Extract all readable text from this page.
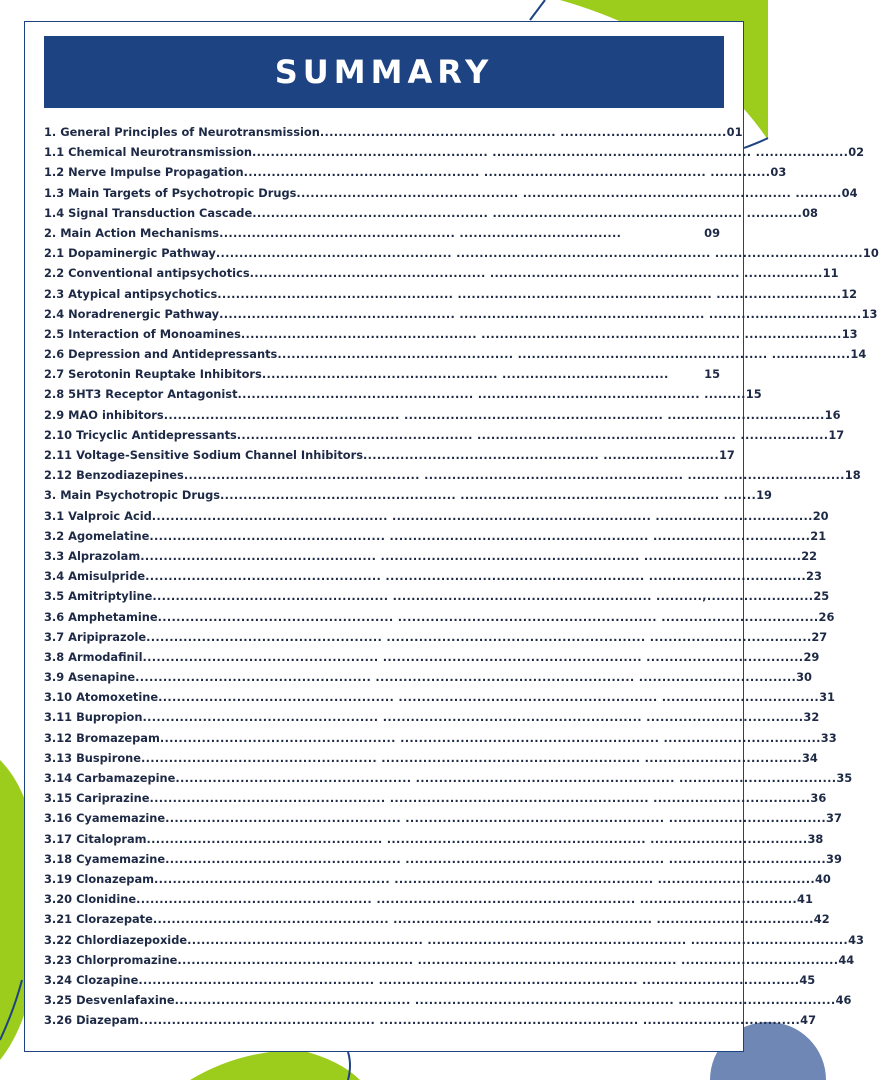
SUMMARY
1. General Principles of Neurotransmission ................................................... .................................... 01
1.1 Chemical Neurotransmission ................................................... ........................................................ .................... 02
1.2 Nerve Impulse Propagation ................................................... ................................................ ............. 03
1.3 Main Targets of Psychotropic Drugs ................................................ .......................................................... .......... 04
1.4 Signal Transduction Cascade ................................................... ...................................................... ............ 08
2. Main Action Mechanisms ................................................... ...................................	09
2.1 Dopaminergic Pathway ................................................... ....................................................... ................................ 10
2.2 Conventional antipsychotics ................................................... ...................................................... ................. 11
2.3 Atypical antipsychotics ................................................... ....................................................... ........................... 12
2.4 Noradrenergic Pathway ................................................... ..................................................... ................................. 13
2.5 Interaction of Monoamines ................................................... ........................................................ ..................... 13
2.6 Depression and Antidepressants ................................................... ...................................................... ................. 14
2.7 Serotonin Reuptake Inhibitors ................................................... ....................................	15
2.8 5HT3 Receptor Antagonist ................................................... ................................................ ......... 15
2.9 MAO inhibitors ................................................... ........................................................ .................................. 16
2.10 Tricyclic Antidepressants ................................................... ........................................................ ................... 17
2.11 Voltage-Sensitive Sodium Channel Inhibitors ................................................... ......................... 17
2.12 Benzodiazepines ................................................... ........................................................ .................................. 18
3. Main Psychotropic Drugs ................................................... ........................................................ ....... 19
3.1 Valproic Acid ................................................... ........................................................ .................................. 20
3.2 Agomelatine ................................................... ........................................................ .................................. 21
3.3 Alprazolam ................................................... ........................................................ .................................. 22
3.4 Amisulpride ................................................... ........................................................ .................................. 23
3.5 Amitriptyline ................................................... ........................................................ ..........,....................... 25
3.6 Amphetamine ................................................... ........................................................ .................................. 26
3.7 Aripiprazole ................................................... ........................................................ .................................. .27
3.8 Armodafinil ................................................... ........................................................ .................................. 29
3.9 Asenapine ................................................... ........................................................ .................................. 30
3.10 Atomoxetine ................................................... ........................................................ .................................. 31
3.11 Bupropion ................................................... ........................................................ .................................. 32
3.12 Bromazepam ................................................... ........................................................ .................................. 33
3.13 Buspirone ................................................... ........................................................ .................................. 34
3.14 Carbamazepine ................................................... ........................................................ .................................. 35
3.15 Cariprazine ................................................... ........................................................ .................................. 36
3.16 Cyamemazine ................................................... ........................................................ .................................. 37
3.17 Citalopram ................................................... ........................................................ .................................. 38
3.18 Cyamemazine ................................................... ........................................................ .................................. 39
3.19 Clonazepam ................................................... ........................................................ .................................. 40
3.20 Clonidine ................................................... ........................................................ .................................. 41
3.21 Clorazepate ................................................... ........................................................ .................................. 42
3.22 Chlordiazepoxide ................................................... ........................................................ .................................. 43
3.23 Chlorpromazine ................................................... ........................................................ .................................. 44
3.24 Clozapine ................................................... ........................................................ .................................. 45
3.25 Desvenlafaxine ................................................... ........................................................ .................................. 46
3.26 Diazepam ................................................... ........................................................ .................................. 47
